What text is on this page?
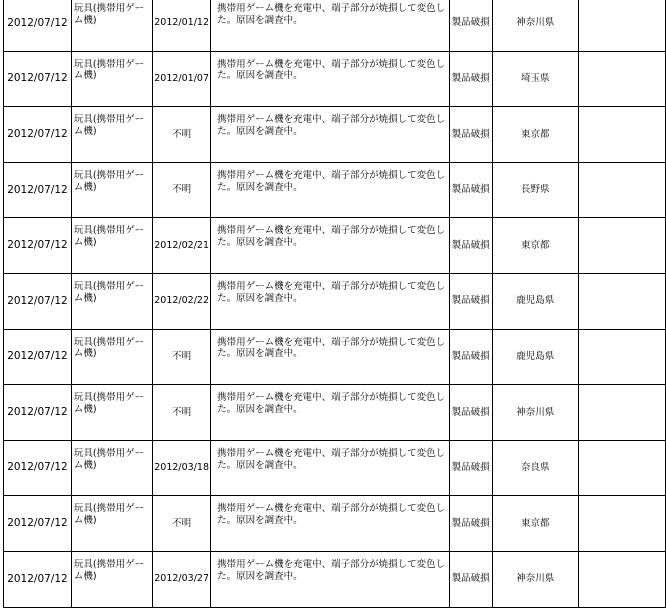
2012/07/12	玩具(携帯用ゲーム機)	2012/01/12	携帯用ゲーム機を充電中、端子部分が焼損して変色した。原因を調査中。	製品破損	神奈川県	
2012/07/12	玩具(携帯用ゲーム機)	2012/01/07	携帯用ゲーム機を充電中、端子部分が焼損して変色した。原因を調査中。	製品破損	埼玉県	
2012/07/12	玩具(携帯用ゲーム機)	不明	携帯用ゲーム機を充電中、端子部分が焼損して変色した。原因を調査中。	製品破損	東京都	
2012/07/12	玩具(携帯用ゲーム機)	不明	携帯用ゲーム機を充電中、端子部分が焼損して変色した。原因を調査中。	製品破損	長野県	
2012/07/12	玩具(携帯用ゲーム機)	2012/02/21	携帯用ゲーム機を充電中、端子部分が焼損して変色した。原因を調査中。	製品破損	東京都	
2012/07/12	玩具(携帯用ゲーム機)	2012/02/22	携帯用ゲーム機を充電中、端子部分が焼損して変色した。原因を調査中。	製品破損	鹿児島県	
2012/07/12	玩具(携帯用ゲーム機)	不明	携帯用ゲーム機を充電中、端子部分が焼損して変色した。原因を調査中。	製品破損	鹿児島県	
2012/07/12	玩具(携帯用ゲーム機)	不明	携帯用ゲーム機を充電中、端子部分が焼損して変色した。原因を調査中。	製品破損	神奈川県	
2012/07/12	玩具(携帯用ゲーム機)	2012/03/18	携帯用ゲーム機を充電中、端子部分が焼損して変色した。原因を調査中。	製品破損	奈良県	
2012/07/12	玩具(携帯用ゲーム機)	不明	携帯用ゲーム機を充電中、端子部分が焼損して変色した。原因を調査中。	製品破損	東京都	
2012/07/12	玩具(携帯用ゲーム機)	2012/03/27	携帯用ゲーム機を充電中、端子部分が焼損して変色した。原因を調査中。	製品破損	神奈川県	
